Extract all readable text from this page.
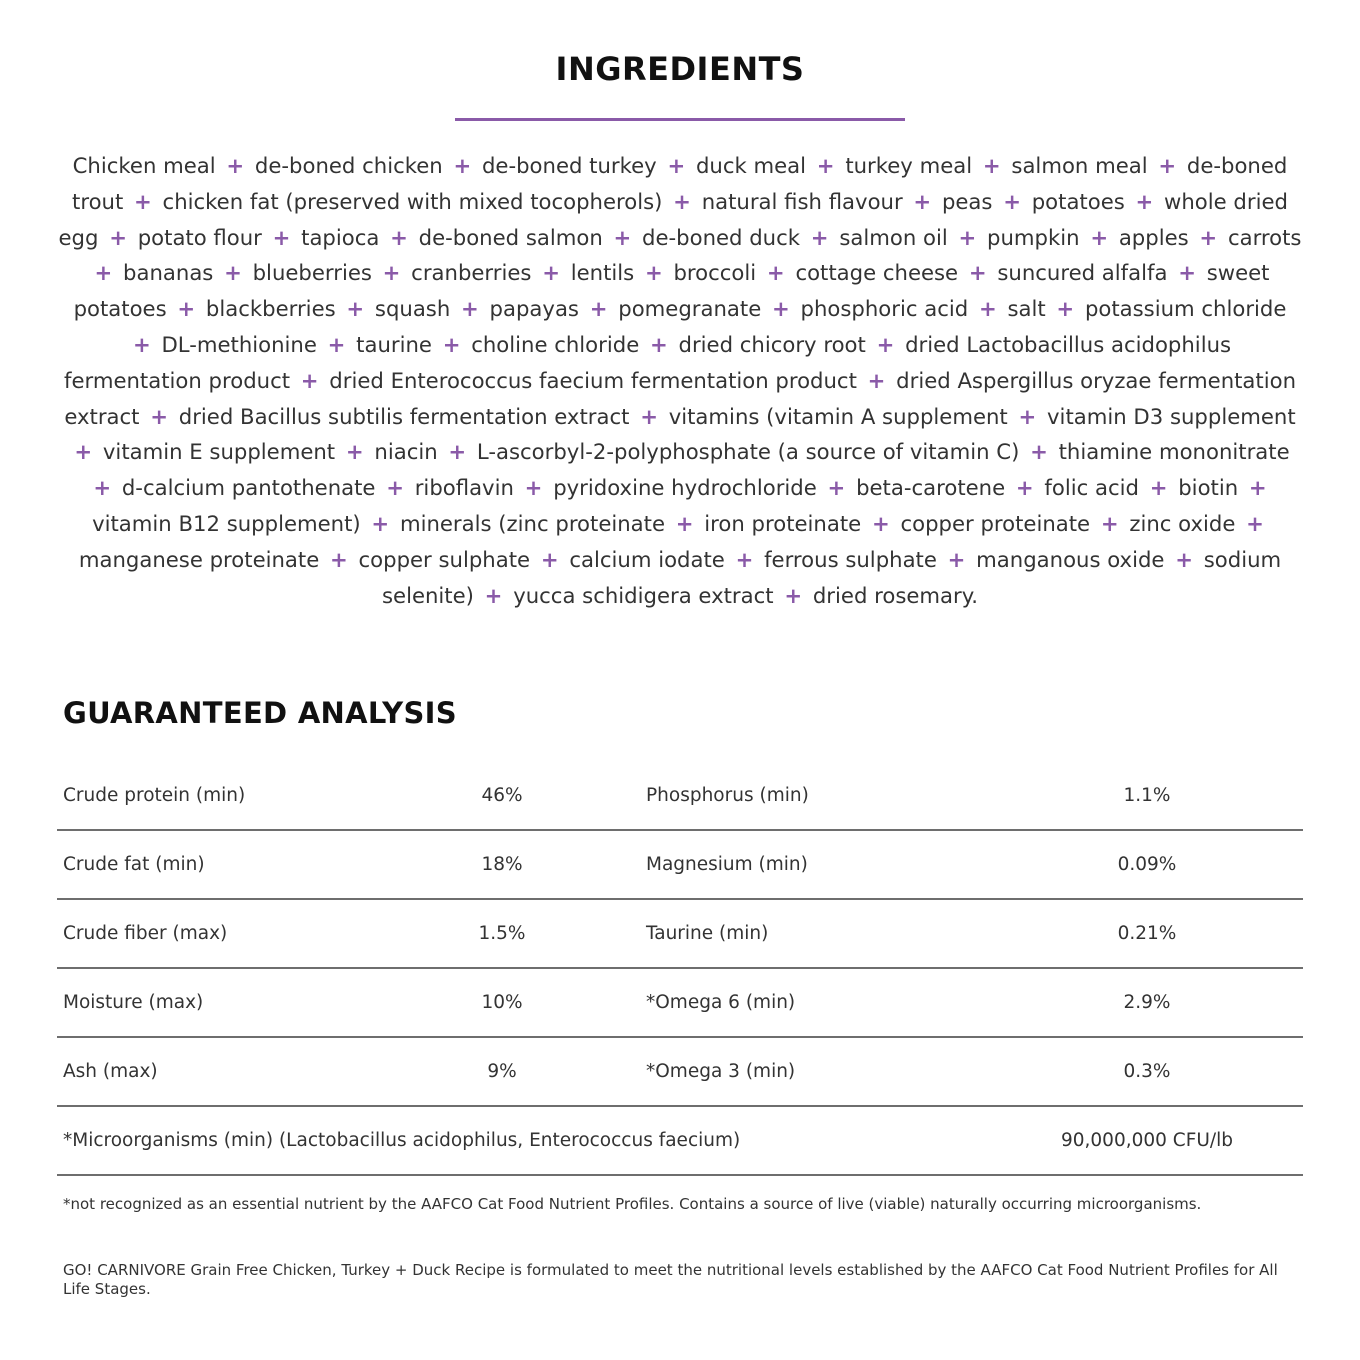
INGREDIENTS

Chicken meal + de-boned chicken + de-boned turkey + duck meal + turkey meal + salmon meal + de-boned trout + chicken fat (preserved with mixed tocopherols) + natural fish flavour + peas + potatoes + whole dried egg + potato flour + tapioca + de-boned salmon + de-boned duck + salmon oil + pumpkin + apples + carrots + bananas + blueberries + cranberries + lentils + broccoli + cottage cheese + suncured alfalfa + sweet potatoes + blackberries + squash + papayas + pomegranate + phosphoric acid + salt + potassium chloride + DL-methionine + taurine + choline chloride + dried chicory root + dried Lactobacillus acidophilus fermentation product + dried Enterococcus faecium fermentation product + dried Aspergillus oryzae fermentation extract + dried Bacillus subtilis fermentation extract + vitamins (vitamin A supplement + vitamin D3 supplement + vitamin E supplement + niacin + L-ascorbyl-2-polyphosphate (a source of vitamin C) + thiamine mononitrate + d-calcium pantothenate + riboflavin + pyridoxine hydrochloride + beta-carotene + folic acid + biotin + vitamin B12 supplement) + minerals (zinc proteinate + iron proteinate + copper proteinate + zinc oxide + manganese proteinate + copper sulphate + calcium iodate + ferrous sulphate + manganous oxide + sodium selenite) + yucca schidigera extract + dried rosemary.

GUARANTEED ANALYSIS
Crude protein (min)	46%	Phosphorus (min)	1.1%
Crude fat (min)	18%	Magnesium (min)	0.09%
Crude fiber (max)	1.5%	Taurine (min)	0.21%
Moisture (max)	10%	*Omega 6 (min)	2.9%
Ash (max)	9%	*Omega 3 (min)	0.3%
*Microorganisms (min) (Lactobacillus acidophilus, Enterococcus faecium)	90,000,000 CFU/lb

*not recognized as an essential nutrient by the AAFCO Cat Food Nutrient Profiles. Contains a source of live (viable) naturally occurring microorganisms.

GO! CARNIVORE Grain Free Chicken, Turkey + Duck Recipe is formulated to meet the nutritional levels established by the AAFCO Cat Food Nutrient Profiles for All Life Stages.
